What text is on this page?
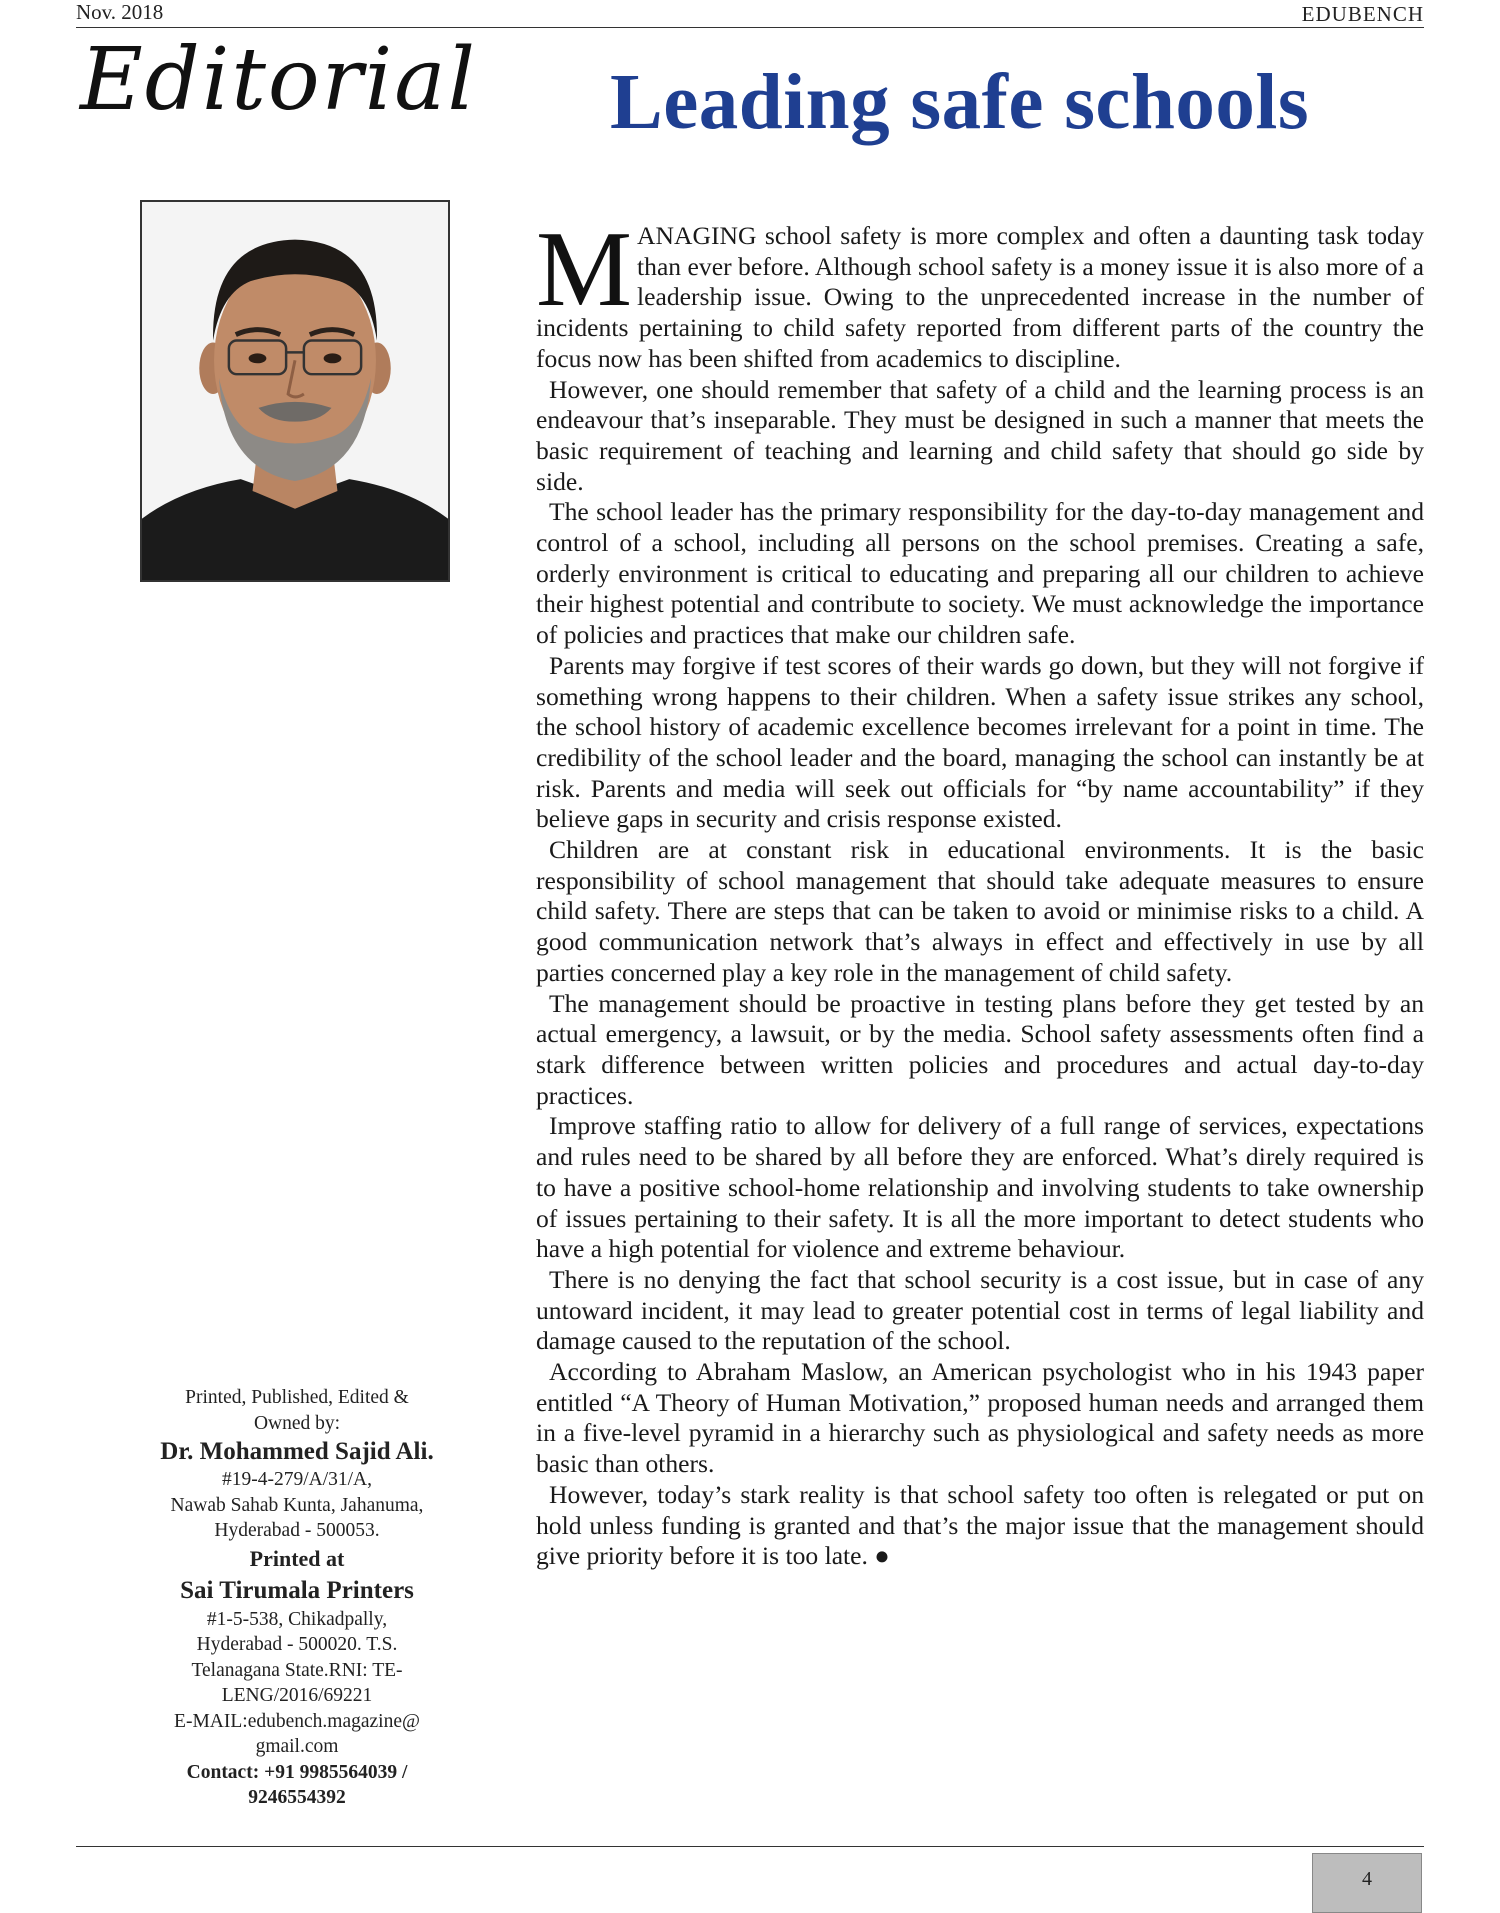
Nov. 2018	EDUBENCH
Editorial Leading safe schools
Printed, Published, Edited &
Owned by:
Dr. Mohammed Sajid Ali.
#19-4-279/A/31/A,
Nawab Sahab Kunta, Jahanuma,
Hyderabad - 500053.
Printed at
Sai Tirumala Printers
#1-5-538, Chikadpally,
Hyderabad - 500020. T.S.
Telanagana State.RNI: TE-
LENG/2016/69221
E-MAIL:edubench.magazine@
gmail.com
Contact: +91 9985564039 /
9246554392

MANAGING school safety is more complex and often a daunting task today than ever before. Although school safety is a money issue it is also more of a leadership issue. Owing to the unprecedented increase in the number of incidents pertaining to child safety reported from different parts of the country the focus now has been shifted from academics to discipline.

However, one should remember that safety of a child and the learning process is an endeavour that’s inseparable. They must be designed in such a manner that meets the basic requirement of teaching and learning and child safety that should go side by side.

The school leader has the primary responsibility for the day-to-day management and control of a school, including all persons on the school premises. Creating a safe, orderly environment is critical to educating and preparing all our children to achieve their highest potential and contribute to society. We must acknowledge the importance of policies and practices that make our children safe.

Parents may forgive if test scores of their wards go down, but they will not forgive if something wrong happens to their children. When a safety issue strikes any school, the school history of academic excellence becomes irrelevant for a point in time. The credibility of the school leader and the board, managing the school can instantly be at risk. Parents and media will seek out officials for “by name accountability” if they believe gaps in security and crisis response existed.

Children are at constant risk in educational environments. It is the basic responsibility of school management that should take adequate measures to ensure child safety. There are steps that can be taken to avoid or minimise risks to a child. A good communication network that’s always in effect and effectively in use by all parties concerned play a key role in the management of child safety.

The management should be proactive in testing plans before they get tested by an actual emergency, a lawsuit, or by the media. School safety assessments often find a stark difference between written policies and procedures and actual day-to-day practices.

Improve staffing ratio to allow for delivery of a full range of services, expectations and rules need to be shared by all before they are enforced. What’s direly required is to have a positive school-home relationship and involving students to take ownership of issues pertaining to their safety. It is all the more important to detect students who have a high potential for violence and extreme behaviour.

There is no denying the fact that school security is a cost issue, but in case of any untoward incident, it may lead to greater potential cost in terms of legal liability and damage caused to the reputation of the school.

According to Abraham Maslow, an American psychologist who in his 1943 paper entitled “A Theory of Human Motivation,” proposed human needs and arranged them in a five-level pyramid in a hierarchy such as physiological and safety needs as more basic than others.

However, today’s stark reality is that school safety too often is relegated or put on hold unless funding is granted and that’s the major issue that the management should give priority before it is too late. ●

4
